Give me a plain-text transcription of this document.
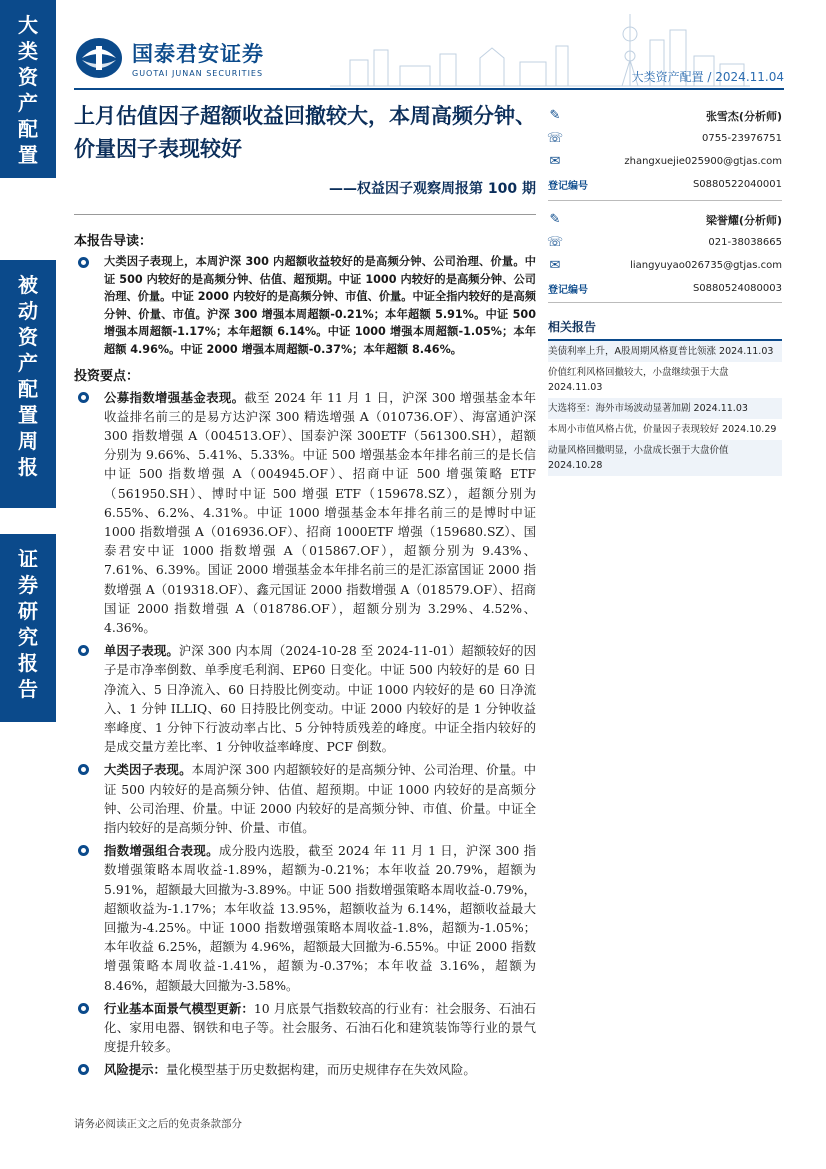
大
类
资
产
配
置
被
动
资
产
配
置
周
报
证
券
研
究
报
告
国泰君安证券
GUOTAI JUNAN SECURITIES	大类资产配置 / 2024.11.04
上月估值因子超额收益回撤较大，本周高频分钟、价量因子表现较好
——权益因子观察周报第 100 期
✎	张雪杰(分析师)
☏	0755-23976751
✉	zhangxuejie025900@gtjas.com
登记编号	S0880522040001
✎	梁誉耀(分析师)
☏	021-38038665
✉	liangyuyao026735@gtjas.com
登记编号	S0880524080003
相关报告
美债利率上升，A股周期风格夏普比领涨 2024.11.03
价值红利风格回撤较大，小盘继续强于大盘 2024.11.03
大选将至：海外市场波动显著加剧 2024.11.03
本周小市值风格占优，价量因子表现较好 2024.10.29
动量风格回撤明显，小盘成长强于大盘价值 2024.10.28
本报告导读：
大类因子表现上，本周沪深 300 内超额收益较好的是高频分钟、公司治理、价量。中证 500 内较好的是高频分钟、估值、超预期。中证 1000 内较好的是高频分钟、公司治理、价量。中证 2000 内较好的是高频分钟、市值、价量。中证全指内较好的是高频分钟、价量、市值。沪深 300 增强本周超额-0.21%；本年超额 5.91%。中证 500 增强本周超额-1.17%；本年超额 6.14%。中证 1000 增强本周超额-1.05%；本年超额 4.96%。中证 2000 增强本周超额-0.37%；本年超额 8.46%。
投资要点：
公募指数增强基金表现。截至 2024 年 11 月 1 日，沪深 300 增强基金本年收益排名前三的是易方达沪深 300 精选增强 A（010736.OF）、海富通沪深 300 指数增强 A（004513.OF）、国泰沪深 300ETF（561300.SH），超额分别为 9.66%、5.41%、5.33%。中证 500 增强基金本年排名前三的是长信中证 500 指数增强 A（004945.OF）、招商中证 500 增强策略 ETF（561950.SH）、博时中证 500 增强 ETF（159678.SZ），超额分别为 6.55%、6.2%、4.31%。中证 1000 增强基金本年排名前三的是博时中证 1000 指数增强 A（016936.OF）、招商 1000ETF 增强（159680.SZ）、国泰君安中证 1000 指数增强 A（015867.OF），超额分别为 9.43%、7.61%、6.39%。国证 2000 增强基金本年排名前三的是汇添富国证 2000 指数增强 A（019318.OF）、鑫元国证 2000 指数增强 A（018579.OF）、招商国证 2000 指数增强 A（018786.OF），超额分别为 3.29%、4.52%、4.36%。
单因子表现。沪深 300 内本周（2024-10-28 至 2024-11-01）超额较好的因子是市净率倒数、单季度毛利润、EP60 日变化。中证 500 内较好的是 60 日净流入、5 日净流入、60 日持股比例变动。中证 1000 内较好的是 60 日净流入、1 分钟 ILLIQ、60 日持股比例变动。中证 2000 内较好的是 1 分钟收益率峰度、1 分钟下行波动率占比、5 分钟特质残差的峰度。中证全指内较好的是成交量方差比率、1 分钟收益率峰度、PCF 倒数。
大类因子表现。本周沪深 300 内超额较好的是高频分钟、公司治理、价量。中证 500 内较好的是高频分钟、估值、超预期。中证 1000 内较好的是高频分钟、公司治理、价量。中证 2000 内较好的是高频分钟、市值、价量。中证全指内较好的是高频分钟、价量、市值。
指数增强组合表现。成分股内选股，截至 2024 年 11 月 1 日，沪深 300 指数增强策略本周收益-1.89%，超额为-0.21%；本年收益 20.79%，超额为 5.91%，超额最大回撤为-3.89%。中证 500 指数增强策略本周收益-0.79%，超额收益为-1.17%；本年收益 13.95%，超额收益为 6.14%，超额收益最大回撤为-4.25%。中证 1000 指数增强策略本周收益-1.8%，超额为-1.05%；本年收益 6.25%，超额为 4.96%，超额最大回撤为-6.55%。中证 2000 指数增强策略本周收益-1.41%，超额为-0.37%；本年收益 3.16%，超额为 8.46%，超额最大回撤为-3.58%。
行业基本面景气模型更新：10 月底景气指数较高的行业有：社会服务、石油石化、家用电器、钢铁和电子等。社会服务、石油石化和建筑装饰等行业的景气度提升较多。
风险提示：量化模型基于历史数据构建，而历史规律存在失效风险。
请务必阅读正文之后的免责条款部分
